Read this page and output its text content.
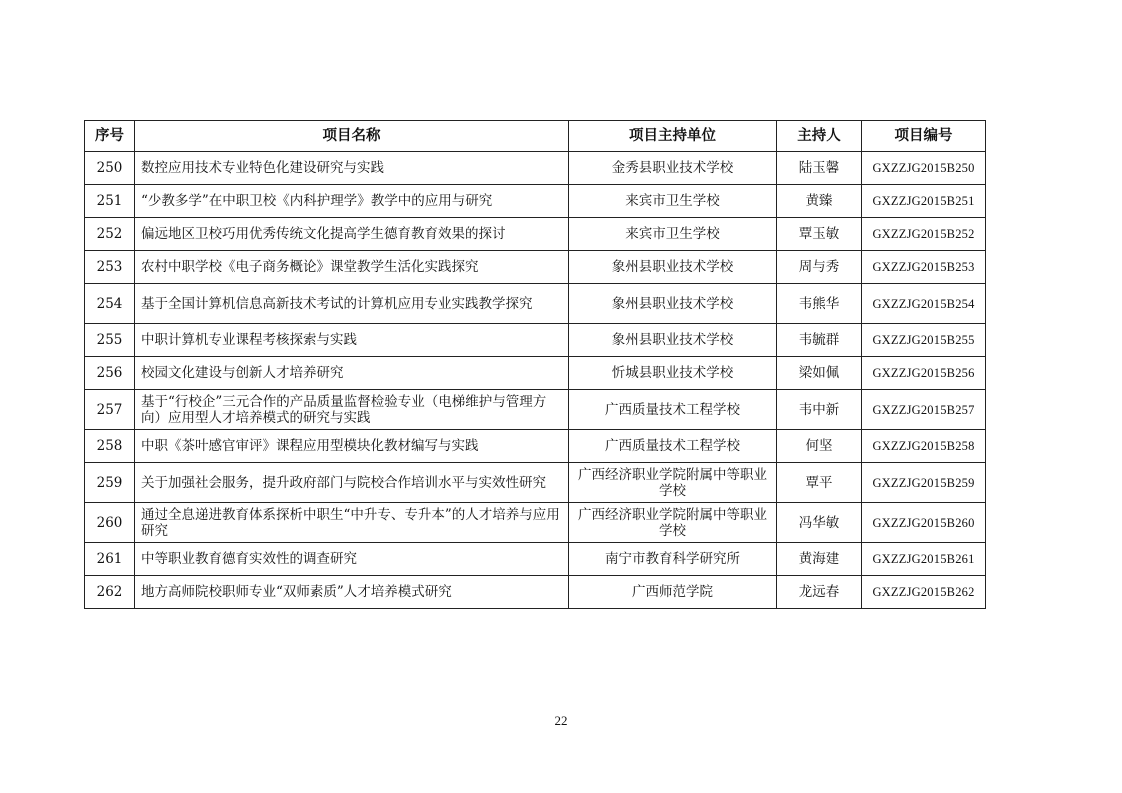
序号	项目名称	项目主持单位	主持人	项目编号
250	数控应用技术专业特色化建设研究与实践	金秀县职业技术学校	陆玉馨	GXZZJG2015B250
251	“少教多学”在中职卫校《内科护理学》教学中的应用与研究	来宾市卫生学校	黄臻	GXZZJG2015B251
252	偏远地区卫校巧用优秀传统文化提高学生德育教育效果的探讨	来宾市卫生学校	覃玉敏	GXZZJG2015B252
253	农村中职学校《电子商务概论》课堂教学生活化实践探究	象州县职业技术学校	周与秀	GXZZJG2015B253
254	基于全国计算机信息高新技术考试的计算机应用专业实践教学探究	象州县职业技术学校	韦熊华	GXZZJG2015B254
255	中职计算机专业课程考核探索与实践	象州县职业技术学校	韦毓群	GXZZJG2015B255
256	校园文化建设与创新人才培养研究	忻城县职业技术学校	梁如佩	GXZZJG2015B256
257	基于“行校企”三元合作的产品质量监督检验专业（电梯维护与管理方向）应用型人才培养模式的研究与实践	广西质量技术工程学校	韦中新	GXZZJG2015B257
258	中职《茶叶感官审评》课程应用型模块化教材编写与实践	广西质量技术工程学校	何坚	GXZZJG2015B258
259	关于加强社会服务，提升政府部门与院校合作培训水平与实效性研究	广西经济职业学院附属中等职业学校	覃平	GXZZJG2015B259
260	通过全息递进教育体系探析中职生“中升专、专升本”的人才培养与应用研究	广西经济职业学院附属中等职业学校	冯华敏	GXZZJG2015B260
261	中等职业教育德育实效性的调查研究	南宁市教育科学研究所	黄海建	GXZZJG2015B261
262	地方高师院校职师专业“双师素质”人才培养模式研究	广西师范学院	龙远春	GXZZJG2015B262
22
